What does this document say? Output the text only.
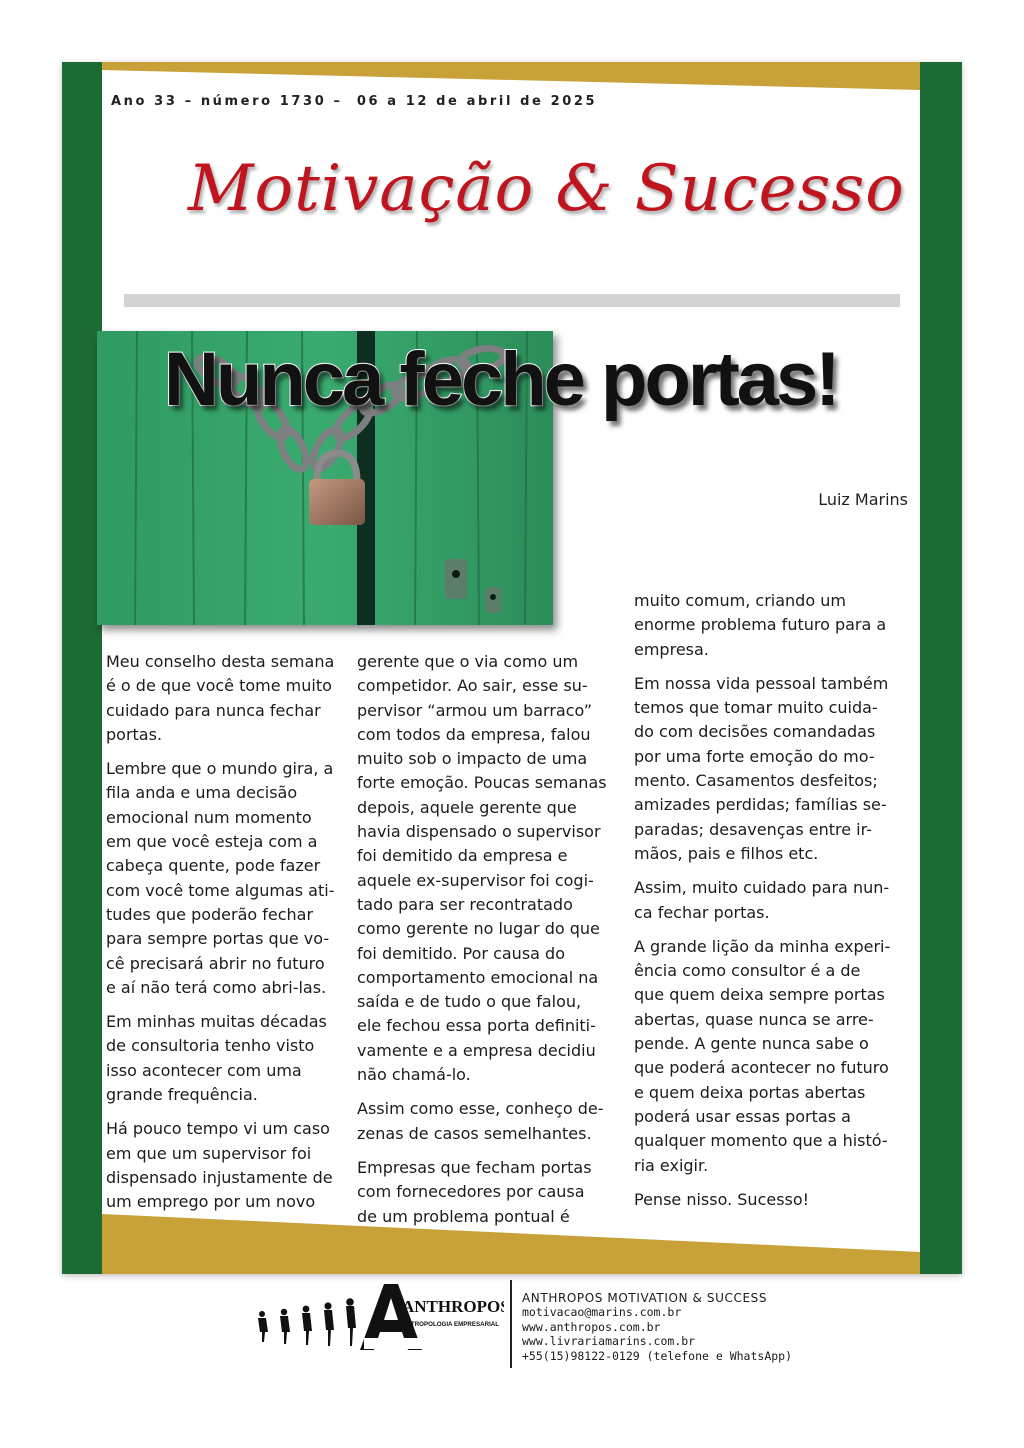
Ano 33 – número 1730 –  06 a 12 de abril de 2025
Motivação & Sucesso
Nunca feche portas!
Luiz Marins

Meu conselho desta semana
é o de que você tome muito
cuidado para nunca fechar
portas.

Lembre que o mundo gira, a
fila anda e uma decisão
emocional num momento
em que você esteja com a
cabeça quente, pode fazer
com você tome algumas ati-
tudes que poderão fechar
para sempre portas que vo-
cê precisará abrir no futuro
e aí não terá como abri-las.

Em minhas muitas décadas
de consultoria tenho visto
isso acontecer com uma
grande frequência.

Há pouco tempo vi um caso
em que um supervisor foi
dispensado injustamente de
um emprego por um novo

gerente que o via como um
competidor. Ao sair, esse su-
pervisor “armou um barraco”
com todos da empresa, falou
muito sob o impacto de uma
forte emoção. Poucas semanas
depois, aquele gerente que
havia dispensado o supervisor
foi demitido da empresa e
aquele ex-supervisor foi cogi-
tado para ser recontratado
como gerente no lugar do que
foi demitido. Por causa do
comportamento emocional na
saída e de tudo o que falou,
ele fechou essa porta definiti-
vamente e a empresa decidiu
não chamá-lo.

Assim como esse, conheço de-
zenas de casos semelhantes.

Empresas que fecham portas
com fornecedores por causa
de um problema pontual é

muito comum, criando um
enorme problema futuro para a
empresa.

Em nossa vida pessoal também
temos que tomar muito cuida-
do com decisões comandadas
por uma forte emoção do mo-
mento. Casamentos desfeitos;
amizades perdidas; famílias se-
paradas; desavenças entre ir-
mãos, pais e filhos etc.

Assim, muito cuidado para nun-
ca fechar portas.

A grande lição da minha experi-
ência como consultor é a de
que quem deixa sempre portas
abertas, quase nunca se arre-
pende. A gente nunca sabe o
que poderá acontecer no futuro
e quem deixa portas abertas
poderá usar essas portas a
qualquer momento que a histó-
ria exigir.

Pense nisso. Sucesso!

ANTHROPOS
ANTROPOLOGIA EMPRESARIAL
ANTHROPOS MOTIVATION & SUCCESS
motivacao@marins.com.br
www.anthropos.com.br
www.livrariamarins.com.br
+55(15)98122-0129 (telefone e WhatsApp)
